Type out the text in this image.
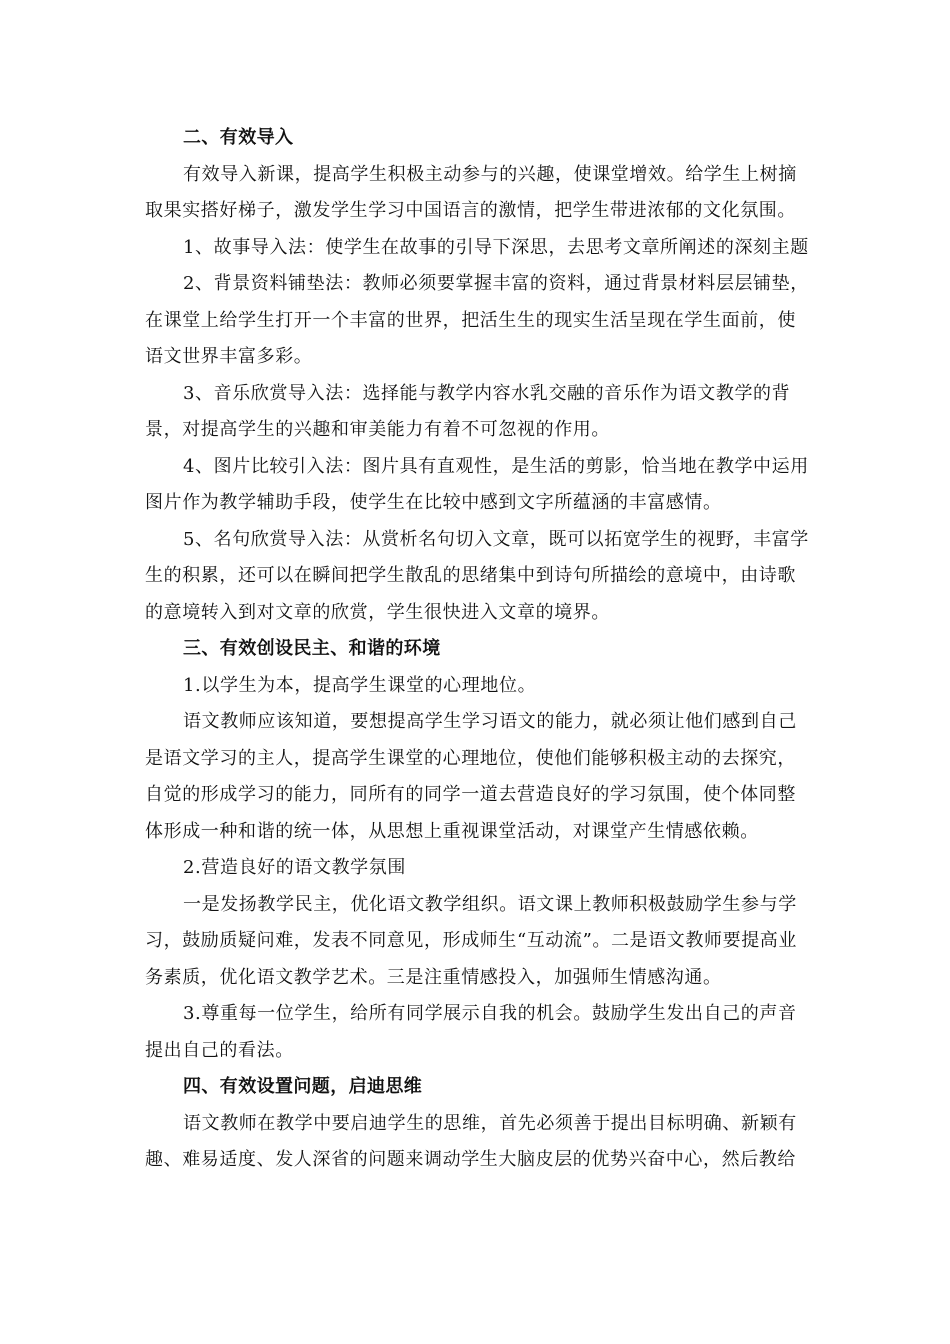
二、有效导入
有效导入新课，提高学生积极主动参与的兴趣，使课堂增效。给学生上树摘
取果实搭好梯子，激发学生学习中国语言的激情，把学生带进浓郁的文化氛围。
1、故事导入法：使学生在故事的引导下深思，去思考文章所阐述的深刻主题
2、背景资料铺垫法：教师必须要掌握丰富的资料，通过背景材料层层铺垫，
在课堂上给学生打开一个丰富的世界，把活生生的现实生活呈现在学生面前，使
语文世界丰富多彩。
3、音乐欣赏导入法：选择能与教学内容水乳交融的音乐作为语文教学的背
景，对提高学生的兴趣和审美能力有着不可忽视的作用。
4、图片比较引入法：图片具有直观性，是生活的剪影，恰当地在教学中运用
图片作为教学辅助手段，使学生在比较中感到文字所蕴涵的丰富感情。
5、名句欣赏导入法：从赏析名句切入文章，既可以拓宽学生的视野，丰富学
生的积累，还可以在瞬间把学生散乱的思绪集中到诗句所描绘的意境中，由诗歌
的意境转入到对文章的欣赏，学生很快进入文章的境界。
三、有效创设民主、和谐的环境
1.以学生为本，提高学生课堂的心理地位。
语文教师应该知道，要想提高学生学习语文的能力，就必须让他们感到自己
是语文学习的主人，提高学生课堂的心理地位，使他们能够积极主动的去探究，
自觉的形成学习的能力，同所有的同学一道去营造良好的学习氛围，使个体同整
体形成一种和谐的统一体，从思想上重视课堂活动，对课堂产生情感依赖。
2.营造良好的语文教学氛围
一是发扬教学民主，优化语文教学组织。语文课上教师积极鼓励学生参与学
习，鼓励质疑问难，发表不同意见，形成师生“互动流”。二是语文教师要提高业
务素质，优化语文教学艺术。三是注重情感投入，加强师生情感沟通。
3.尊重每一位学生，给所有同学展示自我的机会。鼓励学生发出自己的声音
提出自己的看法。
四、有效设置问题，启迪思维
语文教师在教学中要启迪学生的思维，首先必须善于提出目标明确、新颖有
趣、难易适度、发人深省的问题来调动学生大脑皮层的优势兴奋中心，然后教给
